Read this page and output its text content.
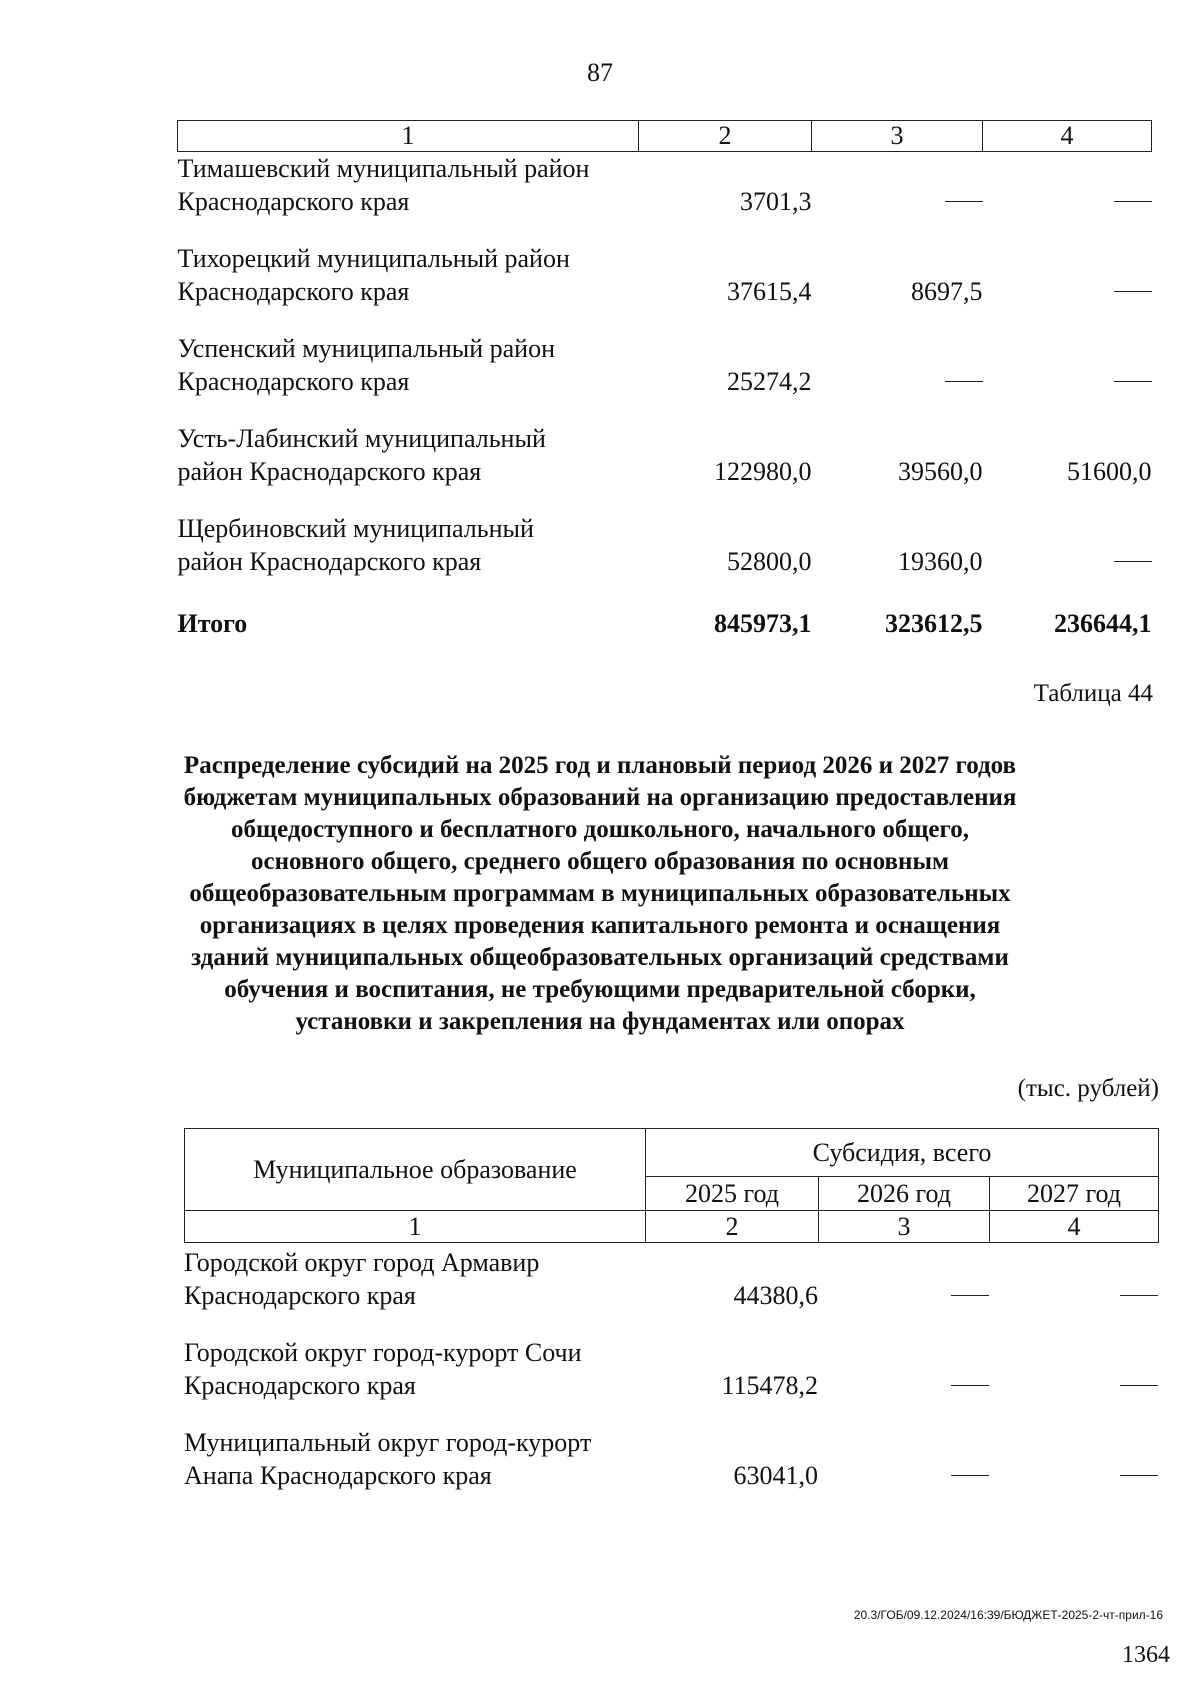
87
1	2	3	4
Тимашевский муниципальный район
Краснодарского края	3701,3		

Тихорецкий муниципальный район
Краснодарского края	37615,4	8697,5	

Успенский муниципальный район
Краснодарского края	25274,2		

Усть-Лабинский муниципальный
район Краснодарского края	122980,0	39560,0	51600,0

Щербиновский муниципальный
район Краснодарского края	52800,0	19360,0	

Итого	845973,1	323612,5	236644,1
Таблица 44
Распределение субсидий на 2025 год и плановый период 2026 и 2027 годов
бюджетам муниципальных образований на организацию предоставления
общедоступного и бесплатного дошкольного, начального общего,
основного общего, среднего общего образования по основным
общеобразовательным программам в муниципальных образовательных
организациях в целях проведения капитального ремонта и оснащения
зданий муниципальных общеобразовательных организаций средствами
обучения и воспитания, не требующими предварительной сборки,
установки и закрепления на фундаментах или опорах
(тыс. рублей)
Муниципальное образование	Субсидия, всего		
	2025 год	2026 год	2027 год
1	2	3	4
Городской округ город Армавир
Краснодарского края	44380,6		

Городской округ город-курорт Сочи
Краснодарского края	115478,2		

Муниципальный округ город-курорт
Анапа Краснодарского края	63041,0		
20.3/ГОБ/09.12.2024/16:39/БЮДЖЕТ-2025-2-чт-прил-16
1364
